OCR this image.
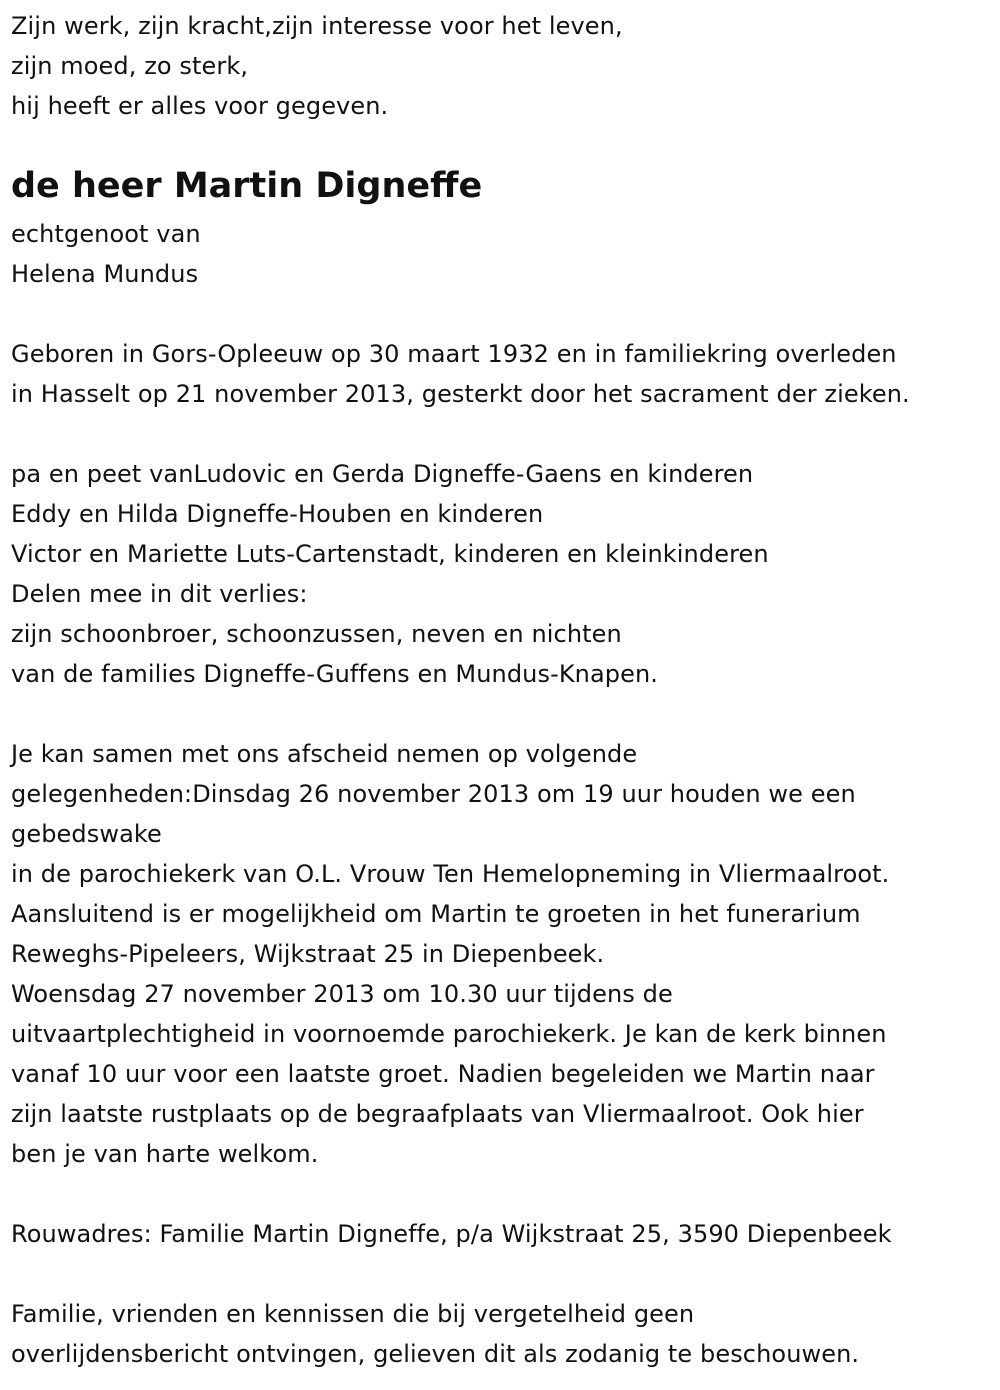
Zijn werk, zijn kracht,zijn interesse voor het leven,
zijn moed, zo sterk,
hij heeft er alles voor gegeven.
de heer Martin Digneffe
echtgenoot van
Helena Mundus
Geboren in Gors-Opleeuw op 30 maart 1932 en in familiekring overleden
in Hasselt op 21 november 2013, gesterkt door het sacrament der zieken.
pa en peet vanLudovic en Gerda Digneffe-Gaens en kinderen
Eddy en Hilda Digneffe-Houben en kinderen
Victor en Mariette Luts-Cartenstadt, kinderen en kleinkinderen
Delen mee in dit verlies:
zijn schoonbroer, schoonzussen, neven en nichten
van de families Digneffe-Guffens en Mundus-Knapen.
Je kan samen met ons afscheid nemen op volgende
gelegenheden:Dinsdag 26 november 2013 om 19 uur houden we een
gebedswake
in de parochiekerk van O.L. Vrouw Ten Hemelopneming in Vliermaalroot.
Aansluitend is er mogelijkheid om Martin te groeten in het funerarium
Reweghs-Pipeleers, Wijkstraat 25 in Diepenbeek.
Woensdag 27 november 2013 om 10.30 uur tijdens de
uitvaartplechtigheid in voornoemde parochiekerk. Je kan de kerk binnen
vanaf 10 uur voor een laatste groet. Nadien begeleiden we Martin naar
zijn laatste rustplaats op de begraafplaats van Vliermaalroot. Ook hier
ben je van harte welkom.
Rouwadres: Familie Martin Digneffe, p/a Wijkstraat 25, 3590 Diepenbeek
Familie, vrienden en kennissen die bij vergetelheid geen
overlijdensbericht ontvingen, gelieven dit als zodanig te beschouwen.
